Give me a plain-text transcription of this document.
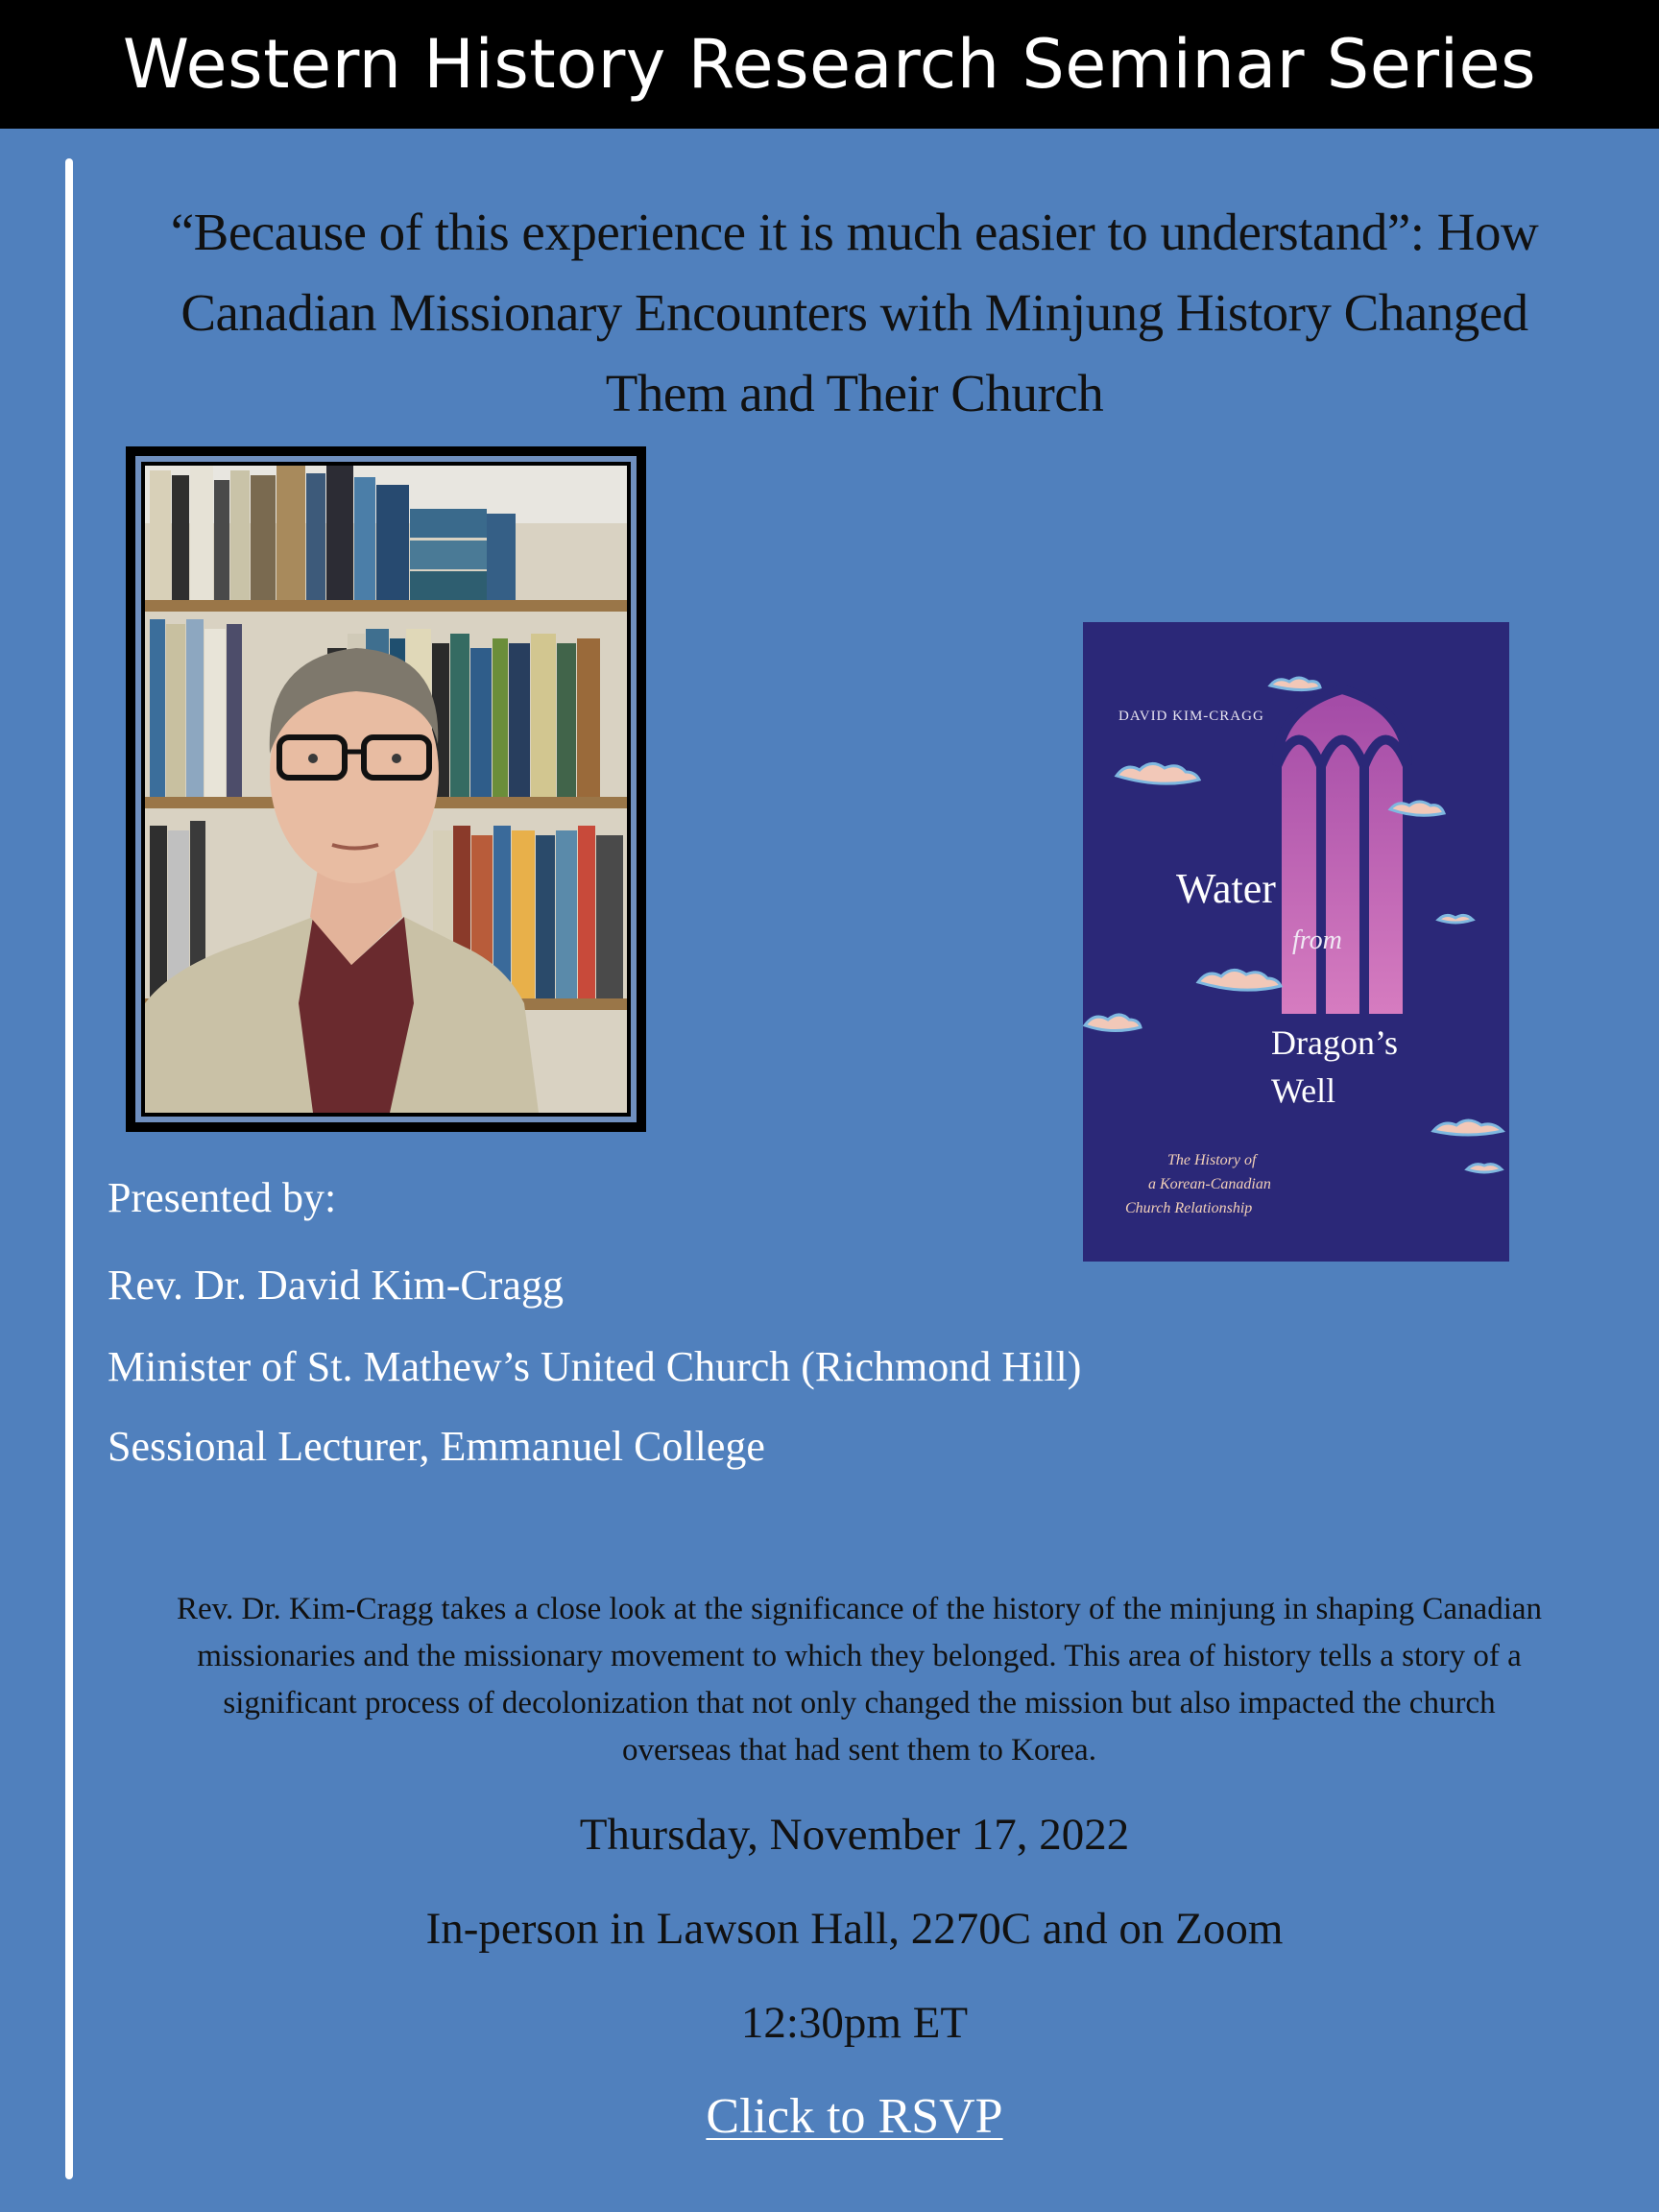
Western History Research Seminar Series
“Because of this experience it is much easier to understand”: How
Canadian Missionary Encounters with Minjung History Changed
Them and Their Church
DAVID KIM-CRAGG
Water
from
Dragon’s
Well
The History of
a Korean-Canadian
Church Relationship
Presented by:
Rev. Dr. David Kim-Cragg
Minister of St. Mathew’s United Church (Richmond Hill)
Sessional Lecturer, Emmanuel College
Rev. Dr. Kim-Cragg takes a close look at the significance of the history of the minjung in shaping Canadian
missionaries and the missionary movement to which they belonged. This area of history tells a story of a
significant process of decolonization that not only changed the mission but also impacted the church
overseas that had sent them to Korea.
Thursday, November 17, 2022
In-person in Lawson Hall, 2270C and on Zoom
12:30pm ET
Click to RSVP
